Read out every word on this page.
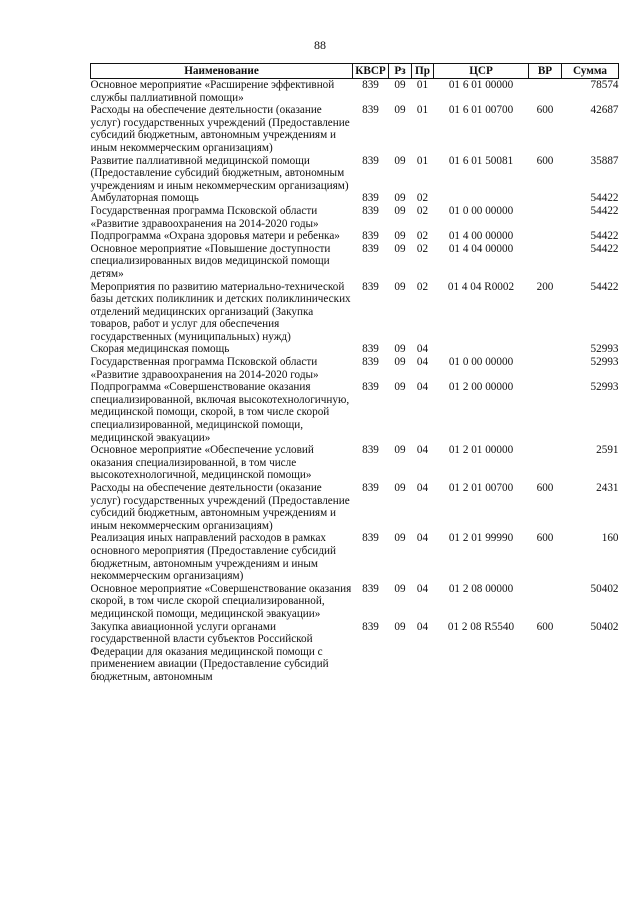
88
Наименование	КВСР	Рз	Пр	ЦСР	ВР	Сумма
Основное мероприятие «Расширение эффективной службы паллиативной помощи»	839	09	01	01 6 01 00000		78574
Расходы на обеспечение деятельности (оказание услуг) государственных учреждений (Предоставление субсидий бюджетным, автономным учреждениям и иным некоммерческим организациям)	839	09	01	01 6 01 00700	600	42687
Развитие паллиативной медицинской помощи (Предоставление субсидий бюджетным, автономным учреждениям и иным некоммерческим организациям)	839	09	01	01 6 01 50081	600	35887
Амбулаторная помощь	839	09	02			54422
Государственная программа Псковской области «Развитие здравоохранения на 2014-2020 годы»	839	09	02	01 0 00 00000		54422
Подпрограмма «Охрана здоровья матери и ребенка»	839	09	02	01 4 00 00000		54422
Основное мероприятие «Повышение доступности специализированных видов медицинской помощи детям»	839	09	02	01 4 04 00000		54422
Мероприятия по развитию материально-технической базы детских поликлиник и детских поликлинических отделений медицинских организаций (Закупка товаров, работ и услуг для обеспечения государственных (муниципальных) нужд)	839	09	02	01 4 04 R0002	200	54422
Скорая медицинская помощь	839	09	04			52993
Государственная программа Псковской области «Развитие здравоохранения на 2014-2020 годы»	839	09	04	01 0 00 00000		52993
Подпрограмма «Совершенствование оказания специализированной, включая высокотехнологичную, медицинской помощи, скорой, в том числе скорой специализированной, медицинской помощи, медицинской эвакуации»	839	09	04	01 2 00 00000		52993
Основное мероприятие «Обеспечение условий оказания специализированной, в том числе высокотехнологичной, медицинской помощи»	839	09	04	01 2 01 00000		2591
Расходы на обеспечение деятельности (оказание услуг) государственных учреждений (Предоставление субсидий бюджетным, автономным учреждениям и иным некоммерческим организациям)	839	09	04	01 2 01 00700	600	2431
Реализация иных направлений расходов в рамках основного мероприятия (Предоставление субсидий бюджетным, автономным учреждениям и иным некоммерческим организациям)	839	09	04	01 2 01 99990	600	160
Основное мероприятие «Совершенствование оказания скорой, в том числе скорой специализированной, медицинской помощи, медицинской эвакуации»	839	09	04	01 2 08 00000		50402
Закупка авиационной услуги органами государственной власти субъектов Российской Федерации для оказания медицинской помощи с применением авиации (Предоставление субсидий бюджетным, автономным	839	09	04	01 2 08 R5540	600	50402
